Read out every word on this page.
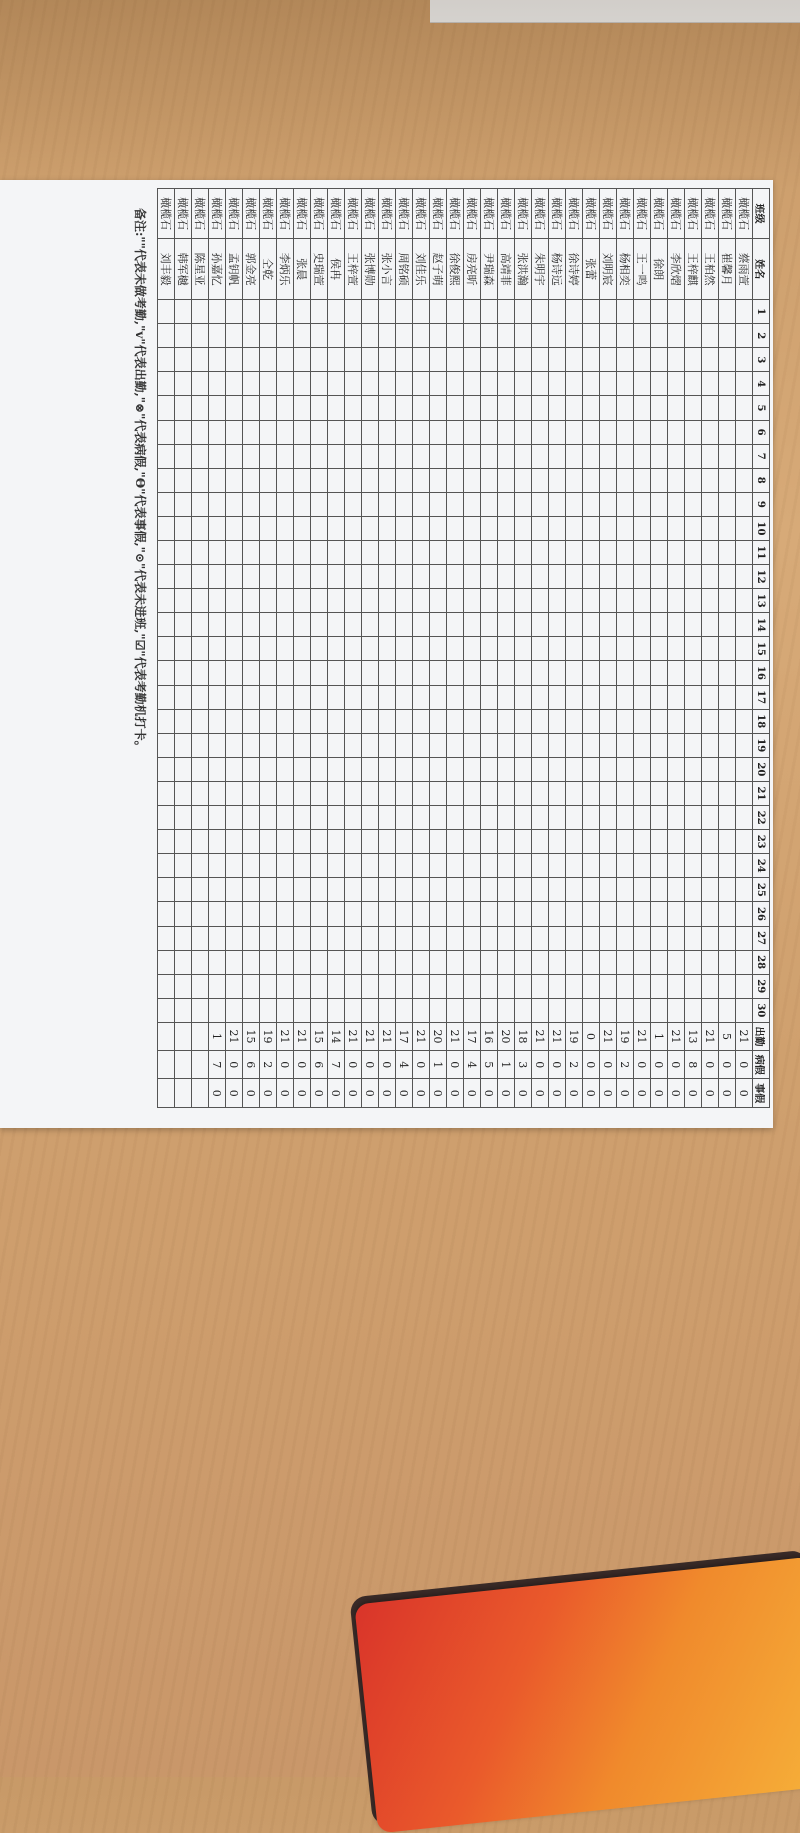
班级	姓名	1	2	3	4	5	6	7	8	9	10	11	12	13	14	15	16	17	18	19	20	21	22	23	24	25	26	27	28	29	30	出勤	病假	事假
橄榄石	蔡雨萱																															21	0	0
橄榄石	崔馨月																															5	0	0
橄榄石	王柏然																															21	0	0
橄榄石	王梓麒																															13	8	0
橄榄石	李欣熠																															21	0	0
橄榄石	徐朗																															1	0	0
橄榄石	王一鸣																															21	0	0
橄榄石	杨相奕																															19	2	0
橄榄石	刘明宸																															21	0	0
橄榄石	张蕾																															0	0	0
橄榄石	徐诗婷																															19	2	0
橄榄石	杨诗远																															21	0	0
橄榄石	朱明宇																															21	0	0
橄榄石	张洪瀚																															18	3	0
橄榄石	高靖菲																															20	1	0
橄榄石	尹瑞森																															16	5	0
橄榄石	房亮昕																															17	4	0
橄榄石	徐俊熙																															21	0	0
橄榄石	赵子萌																															20	1	0
橄榄石	刘佳乐																															21	0	0
橄榄石	周铭硕																															17	4	0
橄榄石	张小言																															21	0	0
橄榄石	张博勋																															21	0	0
橄榄石	王梓萱																															21	0	0
橄榄石	侯冉																															14	7	0
橄榄石	史瑞萱																															15	6	0
橄榄石	张晨																															21	0	0
橄榄石	李炳乐																															21	0	0
橄榄石	仝乾																															19	2	0
橄榄石	郭金亮																															15	6	0
橄榄石	孟钥帆																															21	0	0
橄榄石	孙嘉忆																															1	7	0
橄榄石	陈星亚																																	
橄榄石	韩军樾																																	
橄榄石	刘丰毅																																	
备注:""代表未做考勤,"v"代表出勤,"⊗"代表病假,"Θ"代表事假,"⊙"代表未进班,"☑"代表考勤机打卡。
